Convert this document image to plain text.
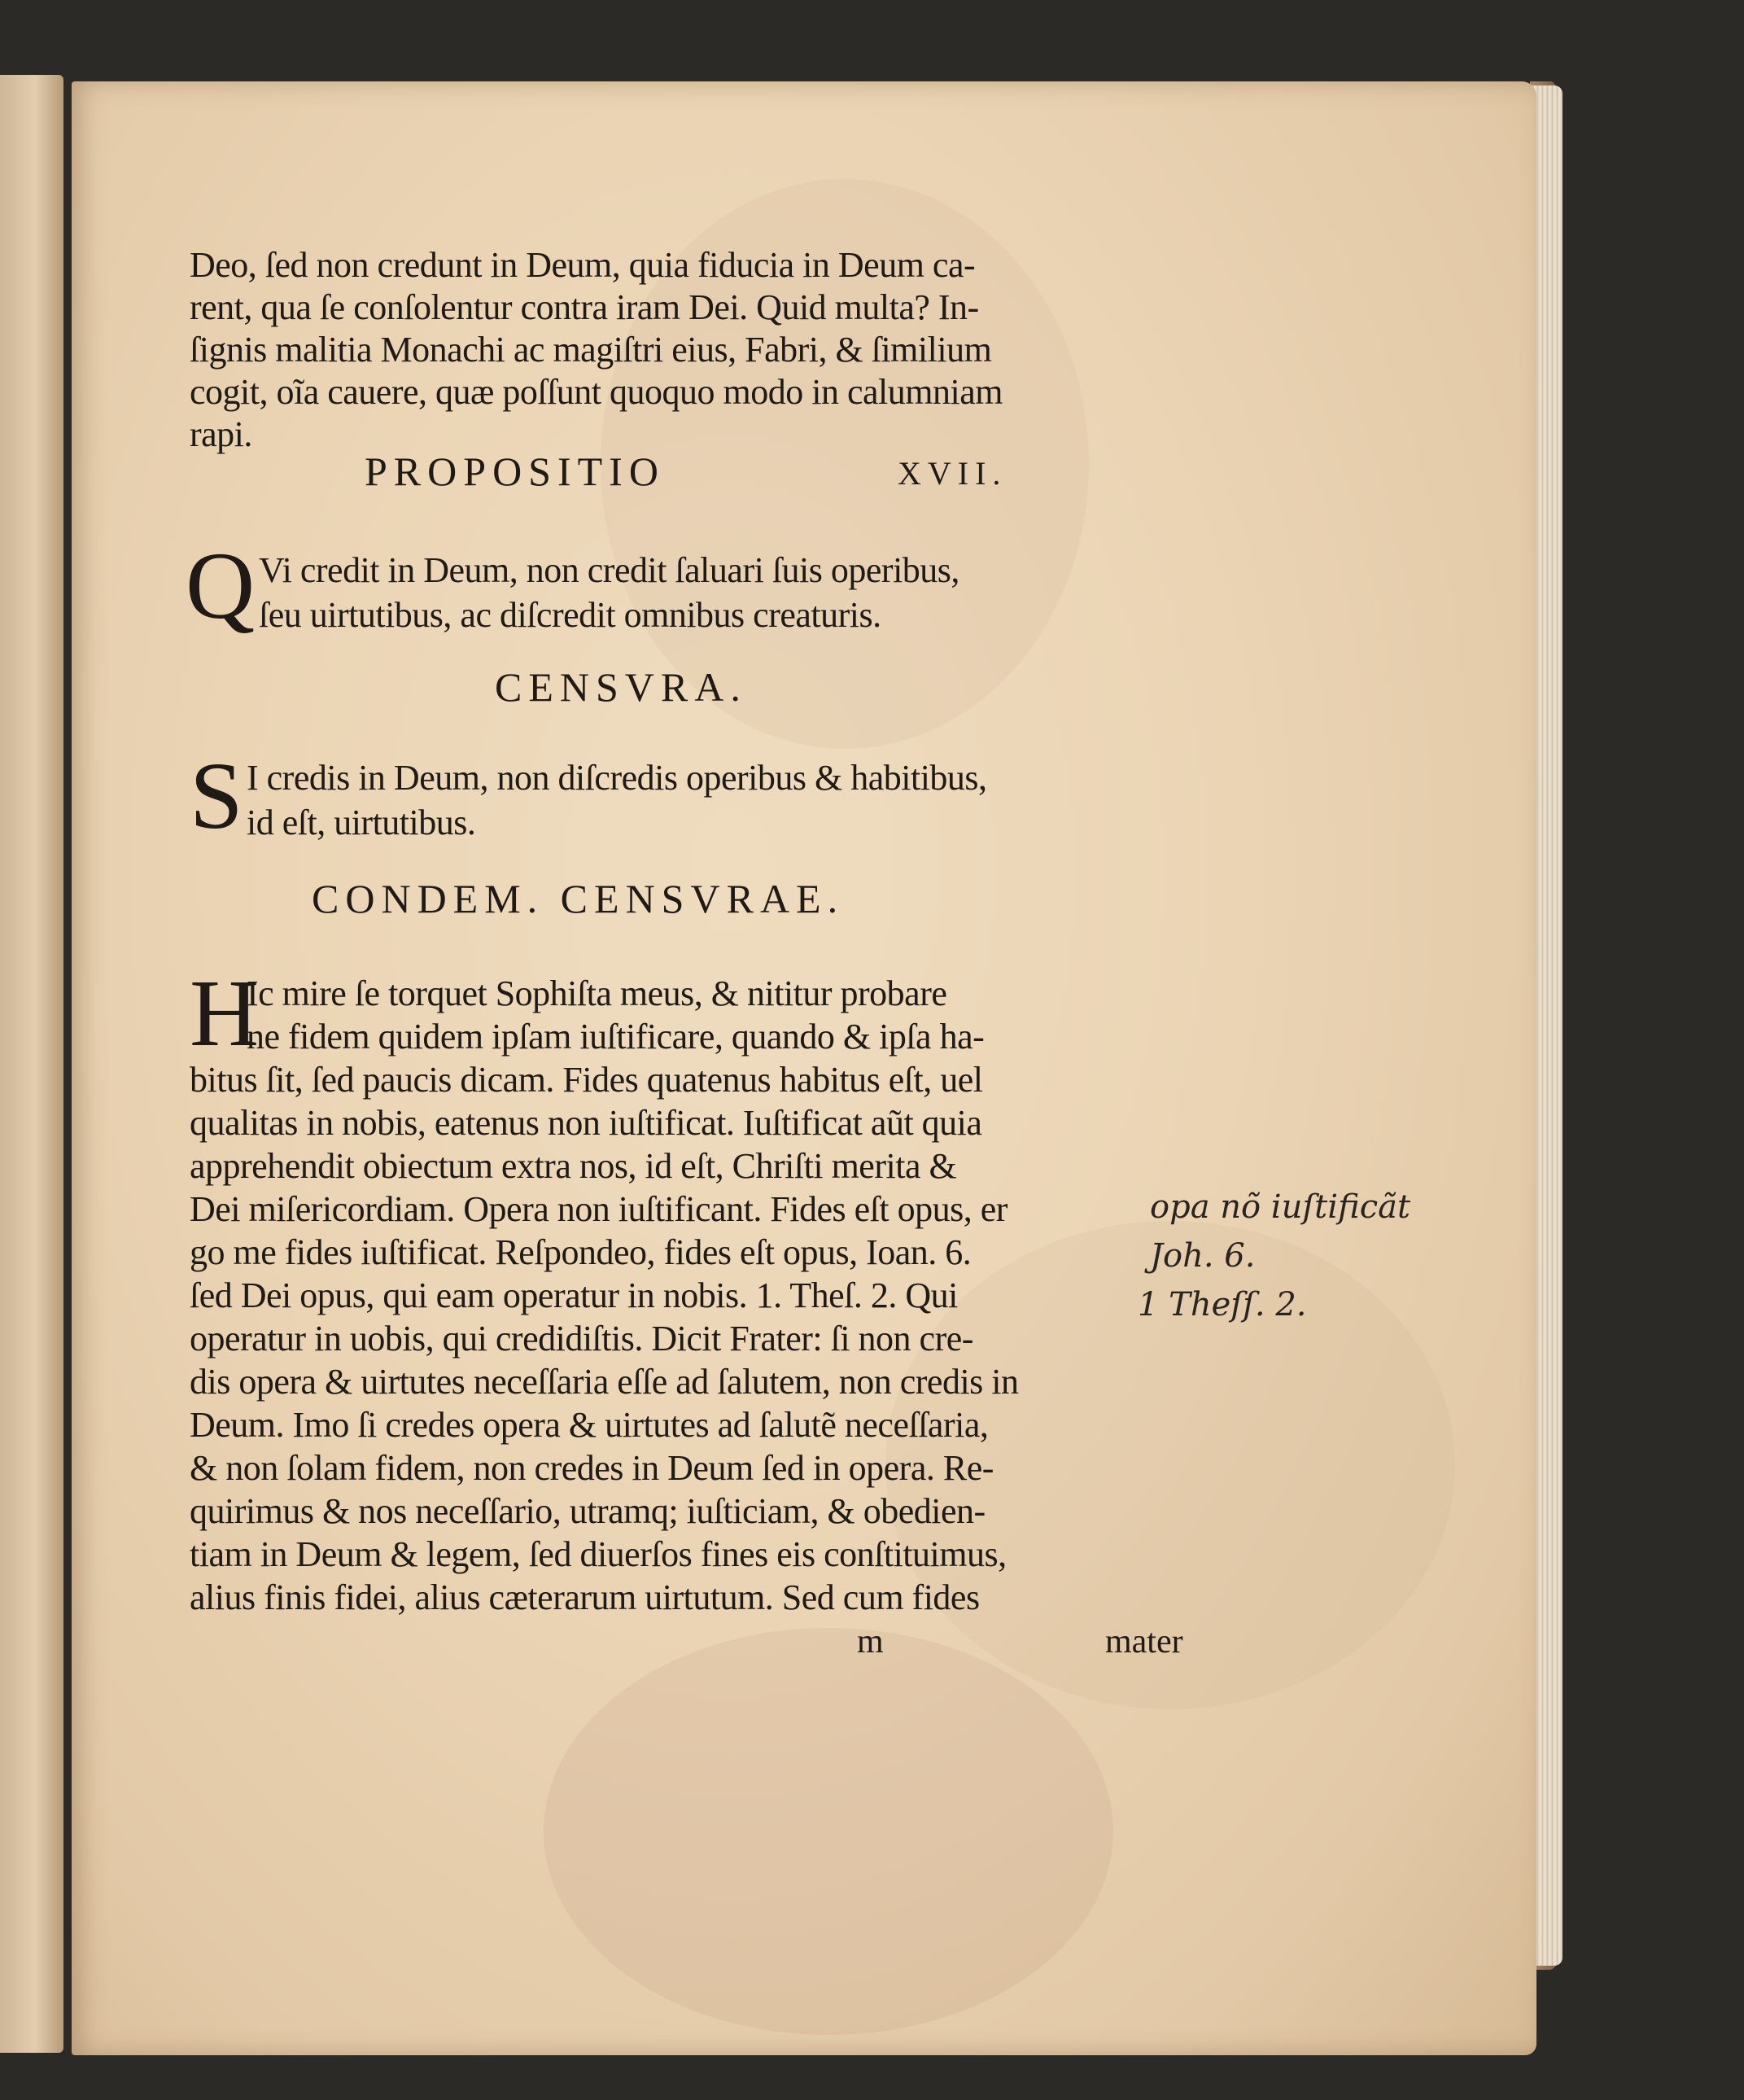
Deo, ſed non credunt in Deum, quia fiducia in Deum ca-
rent, qua ſe conſolentur contra iram Dei. Quid multa? In-
ſignis malitia Monachi ac magiſtri eius, Fabri, & ſimilium
cogit, oĩa cauere, quæ poſſunt quoquo modo in calumniam
rapi.
PROPOSITIO	XVII.
Q Vi credit in Deum, non credit ſaluari ſuis operibus,
ſeu uirtutibus, ac diſcredit omnibus creaturis.
CENSVRA.
S I credis in Deum, non diſcredis operibus & habitibus,
id eſt, uirtutibus.
CONDEM. CENSVRAE.
H
Ic mire ſe torquet Sophiſta meus, & nititur probare
ne fidem quidem ipſam iuſtificare, quando & ipſa ha-
bitus ſit, ſed paucis dicam. Fides quatenus habitus eſt, uel
qualitas in nobis, eatenus non iuſtificat. Iuſtificat aũt quia
apprehendit obiectum extra nos, id eſt, Chriſti merita &
Dei miſericordiam. Opera non iuſtificant. Fides eſt opus, er
go me fides iuſtificat. Reſpondeo, fides eſt opus, Ioan. 6.
ſed Dei opus, qui eam operatur in nobis. 1. Theſ. 2. Qui
operatur in uobis, qui credidiſtis. Dicit Frater: ſi non cre-
dis opera & uirtutes neceſſaria eſſe ad ſalutem, non credis in
Deum. Imo ſi credes opera & uirtutes ad ſalutẽ neceſſaria,
& non ſolam fidem, non credes in Deum ſed in opera. Re-
quirimus & nos neceſſario, utramq; iuſticiam, & obedien-
tiam in Deum & legem, ſed diuerſos fines eis conſtituimus,
alius finis fidei, alius cæterarum uirtutum. Sed cum fides
m	mater
opa nõ iuſtificãt
Joh. 6.
1 Theſſ. 2.
